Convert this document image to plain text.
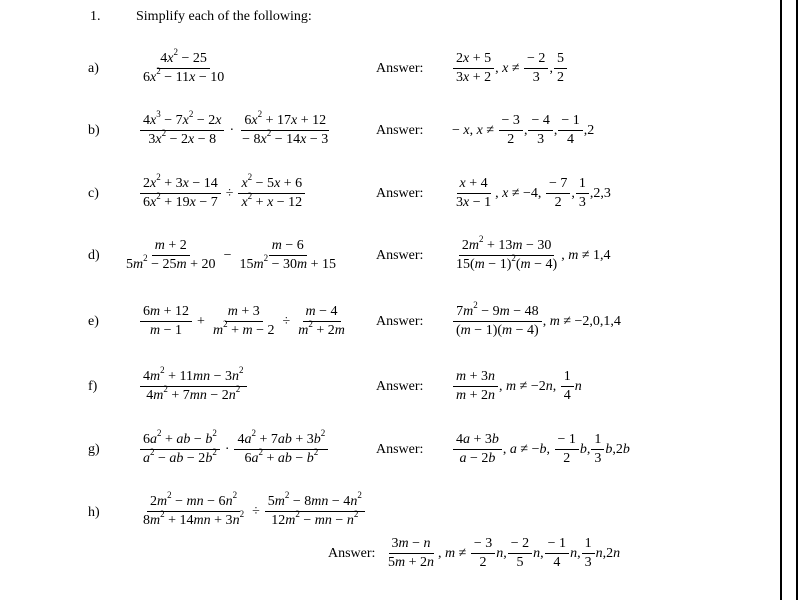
1.	Simplify each of the following:
a)	$\frac{4x^2 - 25}{6x^2 - 11x - 10}$	Answer: $\frac{2x + 5}{3x + 2}$ , $x \ne \frac{- 2}{3}$ , $\frac{5}{2}$
b)	$\frac{4x^3 - 7x^2 - 2x}{3x^2 - 2x - 8} \cdot \frac{6x^2 + 17x + 12}{- 8x^2 - 14x - 3}$	Answer: − x, $x \ne \frac{- 3}{2}$ , $\frac{- 4}{3}$ , $\frac{- 1}{4} ,2$
c)	$\frac{2x^2 + 3x - 14}{6x^2 + 19x - 7} \div \frac{x^2 - 5x + 6}{x^2 + x - 12}$	Answer: $\frac{x + 4}{3x - 1}$ , x ≠ −4, $\frac{- 7}{2}$ , $\frac{1}{3} ,2,3$
$d) \frac{m + 2}{5m^2 - 25m + 20} - \frac{m - 6}{15m^2 - 30m + 15}$	Answer: $\frac{2m^2 + 13m - 30}{15(m - 1)^2(m - 4)}$ , m ≠ 1,4
e)	$\frac{6m + 12}{m - 1} + \frac{m + 3}{m^2 + m - 2} \div \frac{m - 4}{m^2 + 2m}$ Answer: $\frac{7m^2 - 9m - 48}{(m - 1)(m - 4)}$ , m ≠ −2,0,1,4
f)	$\frac{4m^2 + 11mn - 3n^2}{4m^2 + 7mn - 2n^2}$	Answer: $\frac{m + 3n}{m + 2n}$ , m ≠ −2n, $\frac{1}{4}$ n
g)	$\frac{6a^2 + ab - b^2}{a^2 - ab - 2b^2} \cdot \frac{4a^2 + 7ab + 3b^2}{6a^2 + ab - b^2}$	Answer: $\frac{4a + 3b}{a - 2b}$ , a ≠ −b, $\frac{- 1}{2} b$, $\frac{1}{3} b,2b$
h)	$\frac{2m^2 - mn - 6n^2}{8m^2 + 14mn + 3n^2} \div \frac{5m^2 - 8mn - 4n^2}{12m^2 - mn - n^2}$
Answer: $\frac{3m - n}{5m + 2n}$ , $m \ne \frac{- 3}{2} n$, $\frac{- 2}{5} n$, $\frac{- 1}{4} n$, $\frac{1}{3} n,2n$
